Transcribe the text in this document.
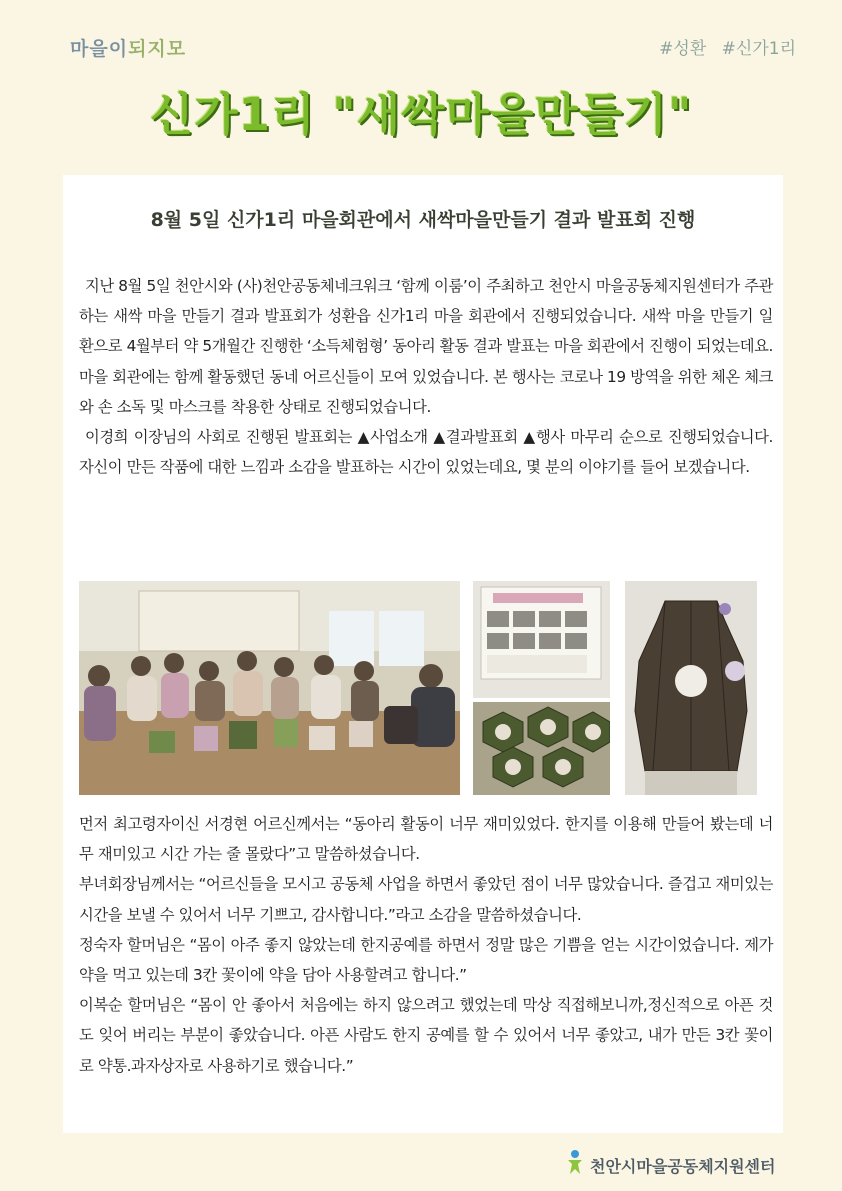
마을이되지모	#성환 #신가1리
신가1리 "새싹마을만들기"
8월 5일 신가1리 마을회관에서 새싹마을만들기 결과 발표회 진행
지난 8월 5일 천안시와 (사)천안공동체네크워크 ‘함께 이룸’이 주최하고 천안시 마을공동체지원센터가 주관하는 새싹 마을 만들기 결과 발표회가 성환읍 신가1리 마을 회관에서 진행되었습니다. 새싹 마을 만들기 일환으로 4월부터 약 5개월간 진행한 ‘소득체험형’ 동아리 활동 결과 발표는 마을 회관에서 진행이 되었는데요. 마을 회관에는 함께 활동했던 동네 어르신들이 모여 있었습니다. 본 행사는 코로나 19 방역을 위한 체온 체크와 손 소독 및 마스크를 착용한 상태로 진행되었습니다.
이경희 이장님의 사회로 진행된 발표회는 ▲사업소개 ▲결과발표회 ▲행사 마무리 순으로 진행되었습니다. 자신이 만든 작품에 대한 느낌과 소감을 발표하는 시간이 있었는데요, 몇 분의 이야기를 들어 보겠습니다.
먼저 최고령자이신 서경현 어르신께서는 “동아리 활동이 너무 재미있었다. 한지를 이용해 만들어 봤는데 너무 재미있고 시간 가는 줄 몰랐다”고 말씀하셨습니다.
부녀회장님께서는 “어르신들을 모시고 공동체 사업을 하면서 좋았던 점이 너무 많았습니다. 즐겁고 재미있는 시간을 보낼 수 있어서 너무 기쁘고, 감사합니다.”라고 소감을 말씀하셨습니다.
정숙자 할머님은 “몸이 아주 좋지 않았는데 한지공예를 하면서 정말 많은 기쁨을 얻는 시간이었습니다. 제가 약을 먹고 있는데 3칸 꽃이에 약을 담아 사용할려고 합니다.”
이복순 할머님은 “몸이 안 좋아서 처음에는 하지 않으려고 했었는데 막상 직접해보니까,정신적으로 아픈 것도 잊어 버리는 부분이 좋았습니다. 아픈 사람도 한지 공예를 할 수 있어서 너무 좋았고, 내가 만든 3칸 꽃이로 약통.과자상자로 사용하기로 했습니다.”
천안시마을공동체지원센터
